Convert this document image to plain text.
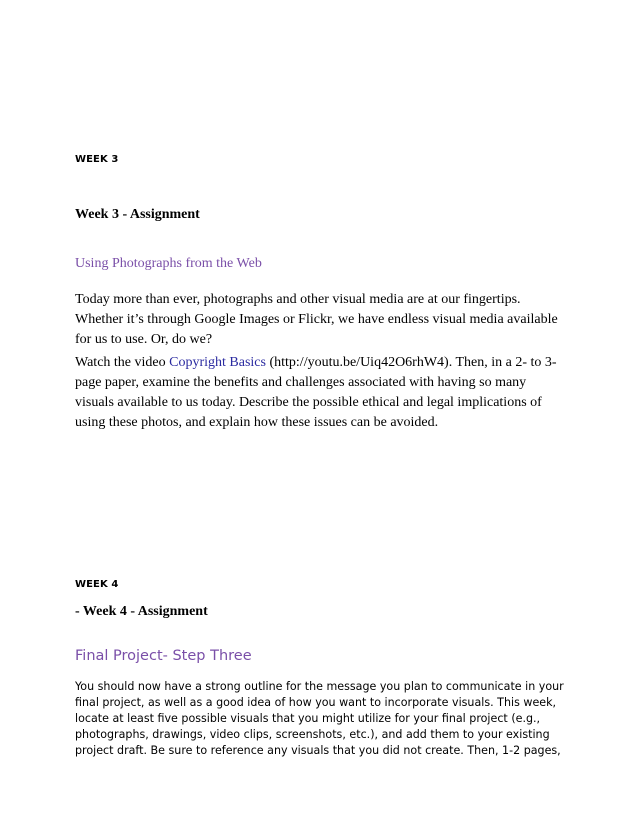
WEEK 3

Week 3 - Assignment

Using Photographs from the Web

Today more than ever, photographs and other visual media are at our fingertips. Whether it’s through Google Images or Flickr, we have endless visual media available for us to use. Or, do we?

Watch the video Copyright Basics (http://youtu.be/Uiq42O6rhW4). Then, in a 2- to 3-page paper, examine the benefits and challenges associated with having so many visuals available to us today. Describe the possible ethical and legal implications of using these photos, and explain how these issues can be avoided.

WEEK 4

- Week 4 - Assignment

Final Project- Step Three

You should now have a strong outline for the message you plan to communicate in your
final project, as well as a good idea of how you want to incorporate visuals. This week,
locate at least five possible visuals that you might utilize for your final project (e.g.,
photographs, drawings, video clips, screenshots, etc.), and add them to your existing
project draft. Be sure to reference any visuals that you did not create. Then, 1-2 pages,
